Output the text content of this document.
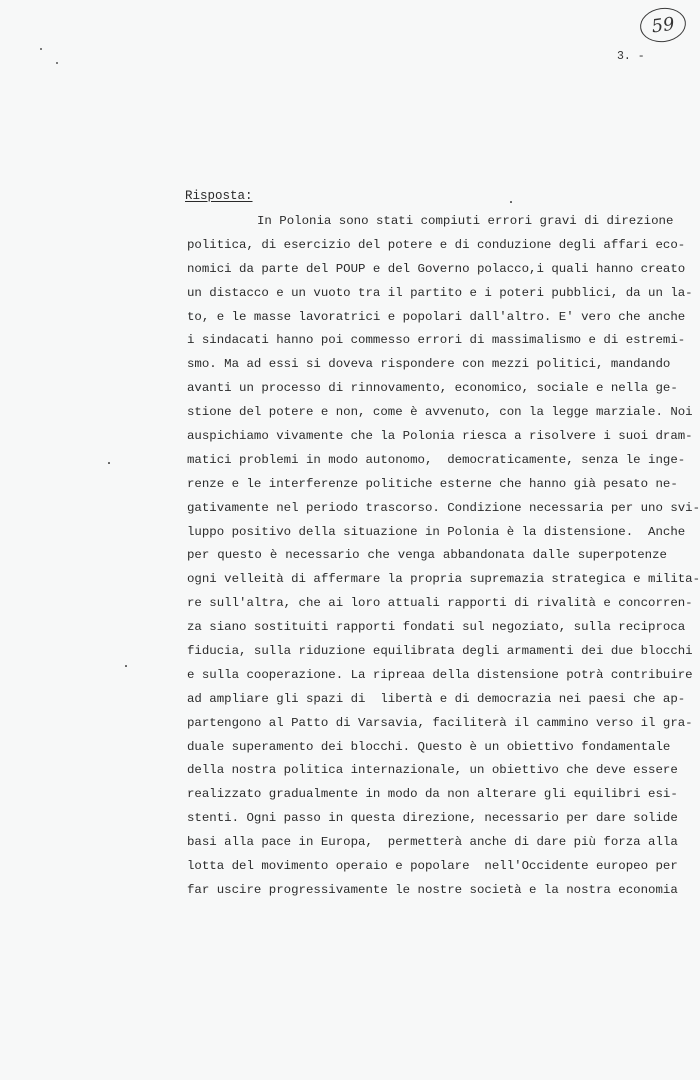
59
3. -
Risposta:
In Polonia sono stati compiuti errori gravi di direzione
politica, di esercizio del potere e di conduzione degli affari eco-
nomici da parte del POUP e del Governo polacco,i quali hanno creato
un distacco e un vuoto tra il partito e i poteri pubblici, da un la-
to, e le masse lavoratrici e popolari dall'altro. E' vero che anche
i sindacati hanno poi commesso errori di massimalismo e di estremi-
smo. Ma ad essi si doveva rispondere con mezzi politici, mandando
avanti un processo di rinnovamento, economico, sociale e nella ge-
stione del potere e non, come è avvenuto, con la legge marziale. Noi
auspichiamo vivamente che la Polonia riesca a risolvere i suoi dram-
matici problemi in modo autonomo,  democraticamente, senza le inge-
renze e le interferenze politiche esterne che hanno già pesato ne-
gativamente nel periodo trascorso. Condizione necessaria per uno svi-
luppo positivo della situazione in Polonia è la distensione.  Anche
per questo è necessario che venga abbandonata dalle superpotenze
ogni velleità di affermare la propria supremazia strategica e milita-
re sull'altra, che ai loro attuali rapporti di rivalità e concorren-
za siano sostituiti rapporti fondati sul negoziato, sulla reciproca
fiducia, sulla riduzione equilibrata degli armamenti dei due blocchi
e sulla cooperazione. La ripreaa della distensione potrà contribuire
ad ampliare gli spazi di  libertà e di democrazia nei paesi che ap-
partengono al Patto di Varsavia, faciliterà il cammino verso il gra-
duale superamento dei blocchi. Questo è un obiettivo fondamentale
della nostra politica internazionale, un obiettivo che deve essere
realizzato gradualmente in modo da non alterare gli equilibri esi-
stenti. Ogni passo in questa direzione, necessario per dare solide
basi alla pace in Europa,  permetterà anche di dare più forza alla
lotta del movimento operaio e popolare  nell'Occidente europeo per
far uscire progressivamente le nostre società e la nostra economia
